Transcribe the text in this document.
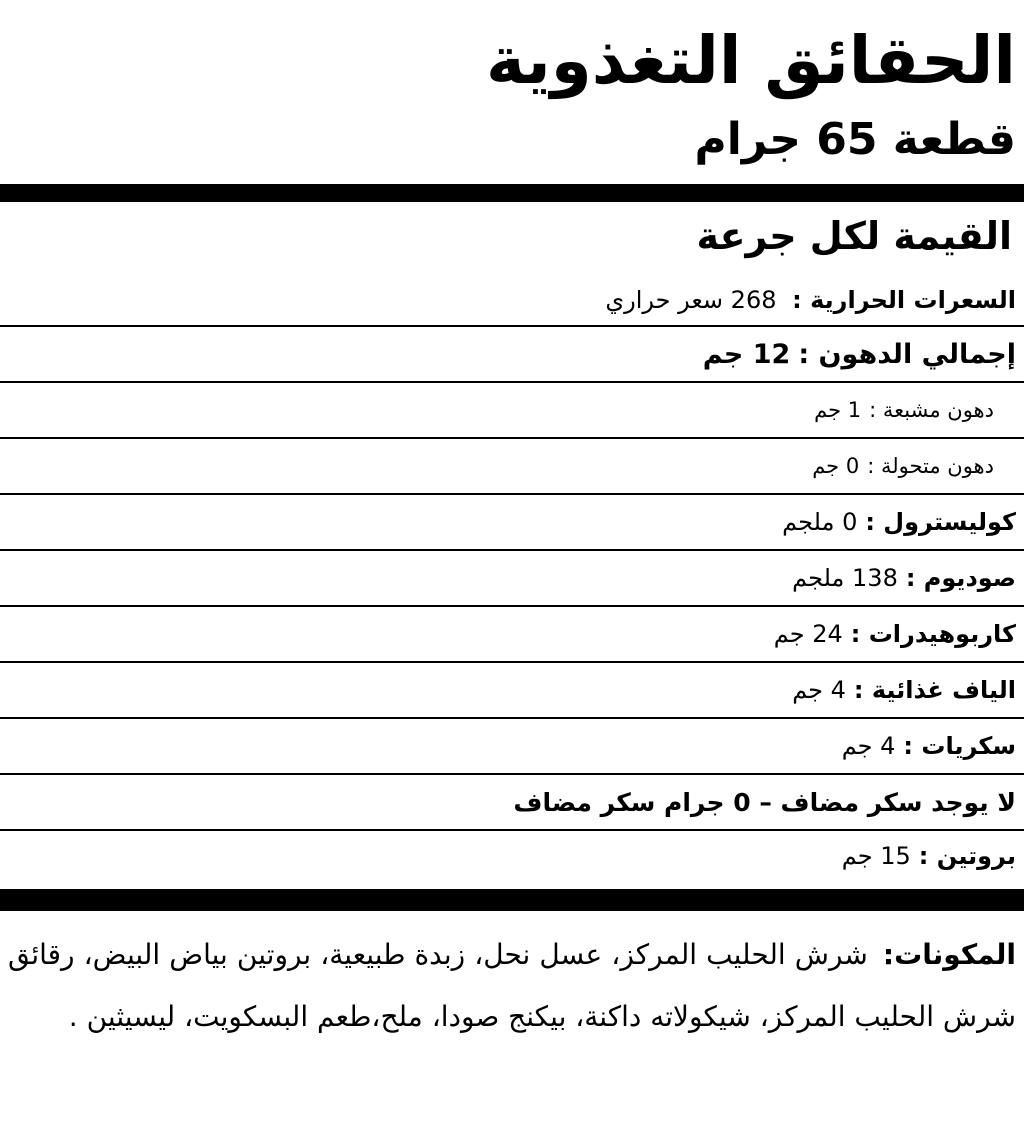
الحقائق التغذوية
قطعة 65 جرام
القيمة لكل جرعة
السعرات الحرارية : 268 سعر حراري
إجمالي الدهون :
12 جم
دهون مشبعة :
1 جم
دهون متحولة :
0 جم
كوليسترول :
0 ملجم
صوديوم :
138 ملجم
كاربوهيدرات :
24 جم
الياف غذائية :
4 جم
سكريات :
4 جم
لا يوجد سكر مضاف – 0 جرام سكر مضاف
بروتين :
15 جم
المكونات: شرش الحليب المركز، عسل نحل، زبدة طبيعية، بروتين بياض البيض، رقائق شرش الحليب المركز، شيكولاته داكنة، بيكنج صودا، ملح،طعم البسكويت، ليسيثين .
